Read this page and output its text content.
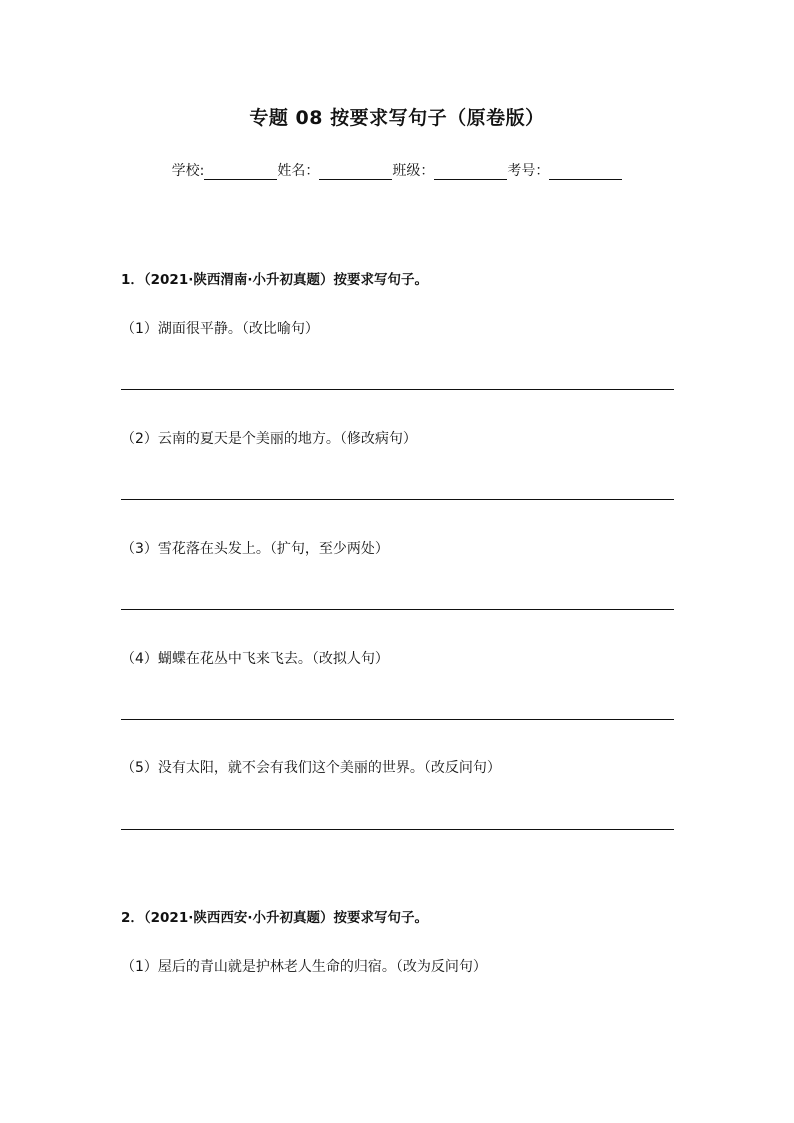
专题 08 按要求写句子（原卷版）
学校:	姓名：	班级：	考号：
1．（2021·陕西渭南·小升初真题）按要求写句子。
（1）湖面很平静。（改比喻句）
（2）云南的夏天是个美丽的地方。（修改病句）
（3）雪花落在头发上。（扩句，至少两处）
（4）蝴蝶在花丛中飞来飞去。（改拟人句）
（5）没有太阳，就不会有我们这个美丽的世界。（改反问句）
2．（2021·陕西西安·小升初真题）按要求写句子。
（1）屋后的青山就是护林老人生命的归宿。（改为反问句）
